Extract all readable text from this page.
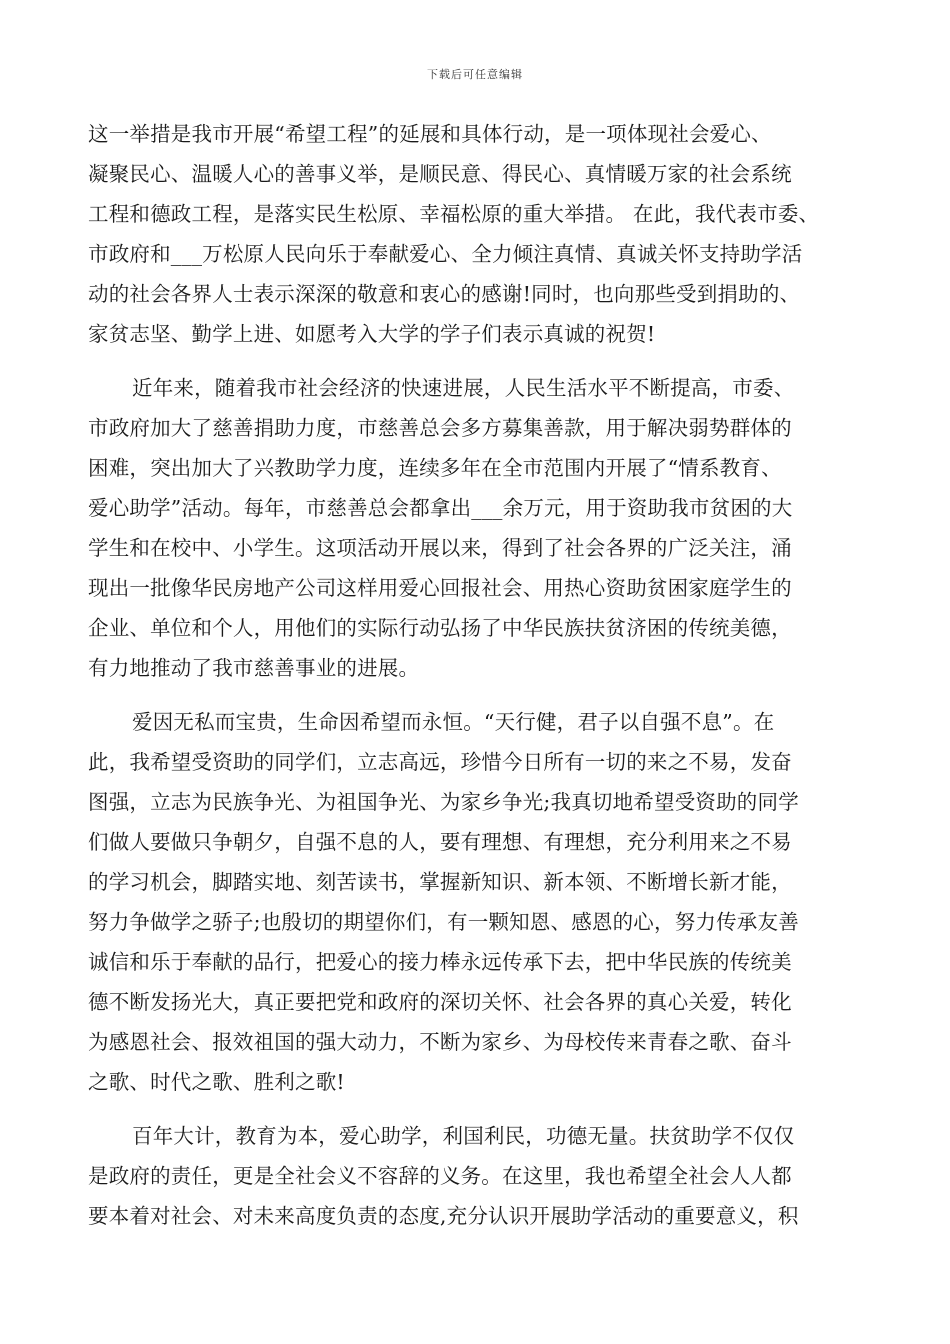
下载后可任意编辑
这一举措是我市开展“希望工程”的延展和具体行动，是一项体现社会爱心、
凝聚民心、温暖人心的善事义举，是顺民意、得民心、真情暖万家的社会系统
工程和德政工程，是落实民生松原、幸福松原的重大举措。 在此，我代表市委、
市政府和___万松原人民向乐于奉献爱心、全力倾注真情、真诚关怀支持助学活
动的社会各界人士表示深深的敬意和衷心的感谢!同时，也向那些受到捐助的、
家贫志坚、勤学上进、如愿考入大学的学子们表示真诚的祝贺!
近年来，随着我市社会经济的快速进展，人民生活水平不断提高，市委、
市政府加大了慈善捐助力度，市慈善总会多方募集善款，用于解决弱势群体的
困难，突出加大了兴教助学力度，连续多年在全市范围内开展了“情系教育、
爱心助学”活动。每年，市慈善总会都拿出___余万元，用于资助我市贫困的大
学生和在校中、小学生。这项活动开展以来，得到了社会各界的广泛关注，涌
现出一批像华民房地产公司这样用爱心回报社会、用热心资助贫困家庭学生的
企业、单位和个人，用他们的实际行动弘扬了中华民族扶贫济困的传统美德，
有力地推动了我市慈善事业的进展。
爱因无私而宝贵，生命因希望而永恒。“天行健，君子以自强不息”。在
此，我希望受资助的同学们，立志高远，珍惜今日所有一切的来之不易，发奋
图强，立志为民族争光、为祖国争光、为家乡争光;我真切地希望受资助的同学
们做人要做只争朝夕，自强不息的人，要有理想、有理想，充分利用来之不易
的学习机会，脚踏实地、刻苦读书，掌握新知识、新本领、不断增长新才能，
努力争做学之骄子;也殷切的期望你们，有一颗知恩、感恩的心，努力传承友善
诚信和乐于奉献的品行，把爱心的接力棒永远传承下去，把中华民族的传统美
德不断发扬光大，真正要把党和政府的深切关怀、社会各界的真心关爱，转化
为感恩社会、报效祖国的强大动力，不断为家乡、为母校传来青春之歌、奋斗
之歌、时代之歌、胜利之歌!
百年大计，教育为本，爱心助学，利国利民，功德无量。扶贫助学不仅仅
是政府的责任，更是全社会义不容辞的义务。在这里，我也希望全社会人人都
要本着对社会、对未来高度负责的态度,充分认识开展助学活动的重要意义，积
